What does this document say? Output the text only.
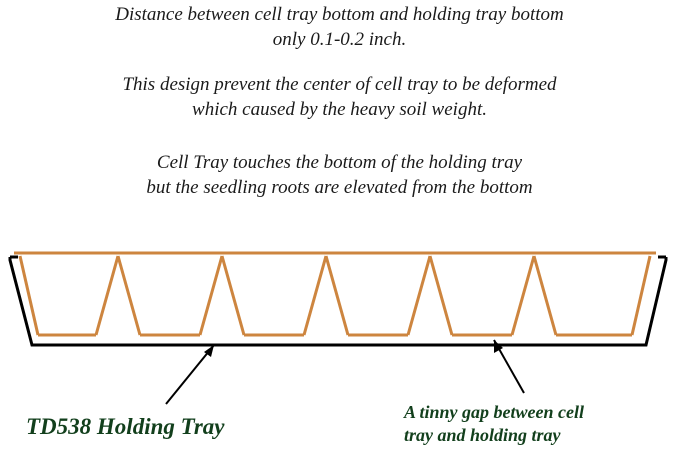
Distance between cell tray bottom and holding tray bottom
only 0.1-0.2 inch.
This design prevent the center of cell tray to be deformed
which caused by the heavy soil weight.
Cell Tray touches the bottom of the holding tray
but the seedling roots are elevated from the bottom
TD538 Holding Tray
A tinny gap between cell
tray and holding tray
